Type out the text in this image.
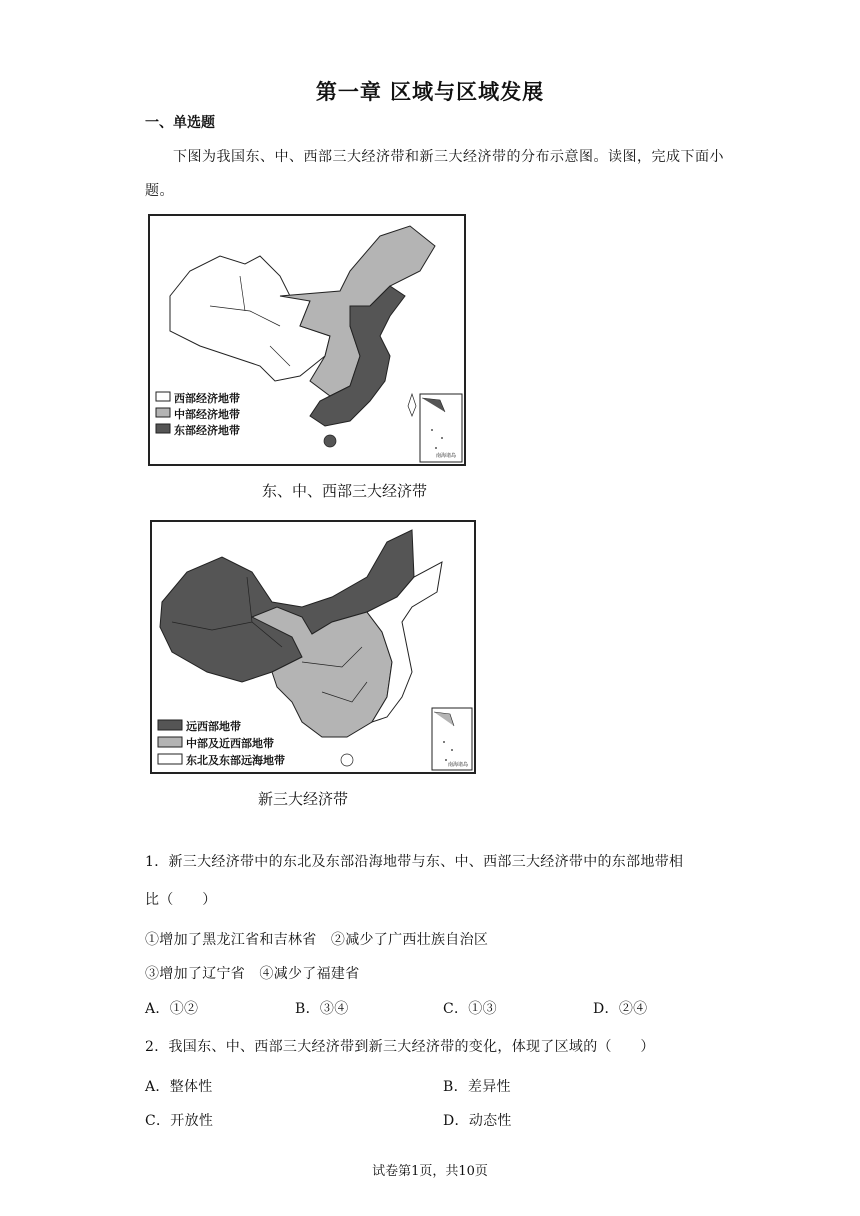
第一章 区域与区域发展
一、单选题
下图为我国东、中、西部三大经济带和新三大经济带的分布示意图。读图，完成下面小题。
西部经济地带
中部经济地带
东部经济地带
南海诸岛
东、中、西部三大经济带
远西部地带
中部及近西部地带
东北及东部远海地带	南海诸岛
新三大经济带
1．新三大经济带中的东北及东部沿海地带与东、中、西部三大经济带中的东部地带相
比（　　）
①增加了黑龙江省和吉林省　②减少了广西壮族自治区
③增加了辽宁省　④减少了福建省
A．①②	B．③④	C．①③	D．②④
2．我国东、中、西部三大经济带到新三大经济带的变化，体现了区域的（　　）
A．整体性	B．差异性
C．开放性	D．动态性
试卷第1页，共10页
